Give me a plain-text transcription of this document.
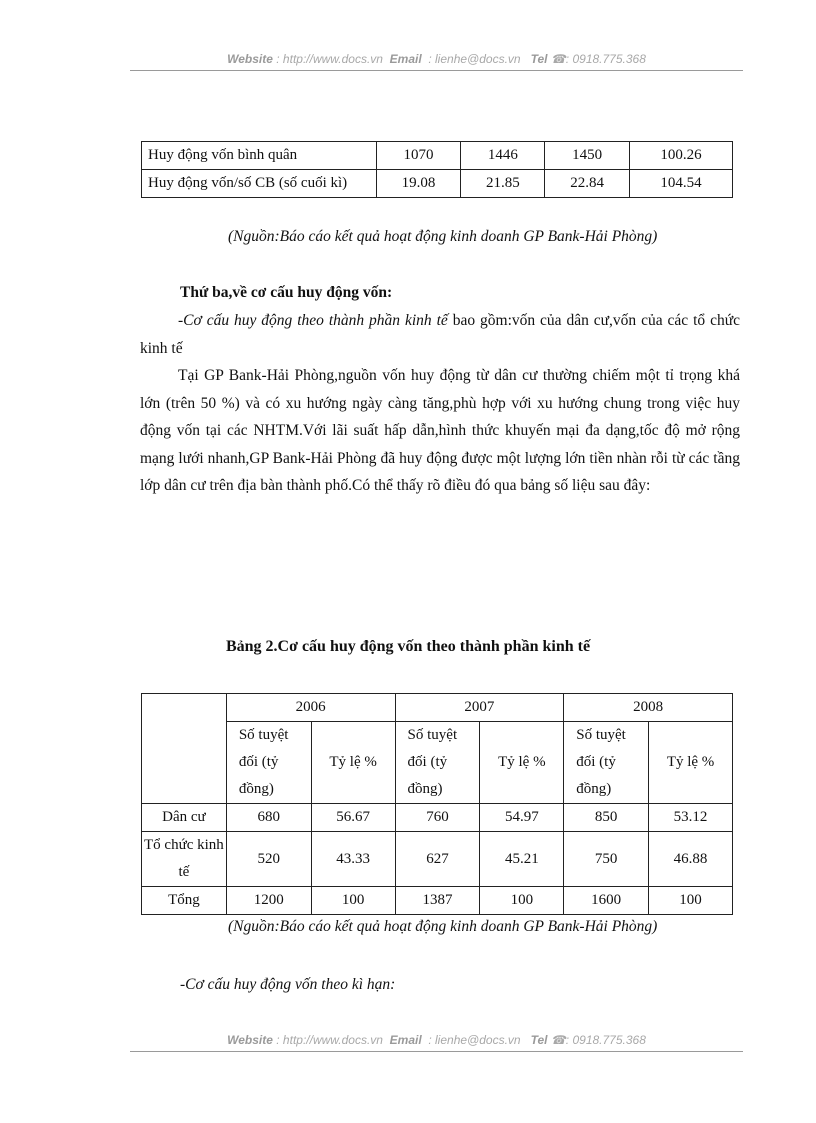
Website : http://www.docs.vn Email : lienhe@docs.vn Tel ☎: 0918.775.368
Huy động vốn bình quân	1070	1446	1450	100.26
Huy động vốn/số CB (số cuối kì)	19.08	21.85	22.84	104.54
(Nguồn:Báo cáo kết quả hoạt động kinh doanh GP Bank-Hải Phòng)
Thứ ba,về cơ cấu huy động vốn:
-Cơ cấu huy động theo thành phần kinh tế bao gồm:vốn của dân cư,vốn của các tổ chức kinh tế
Tại GP Bank-Hải Phòng,nguồn vốn huy động từ dân cư thường chiếm một tỉ trọng khá lớn (trên 50 %) và có xu hướng ngày càng tăng,phù hợp với xu hướng chung trong việc huy động vốn tại các NHTM.Với lãi suất hấp dẫn,hình thức khuyến mại đa dạng,tốc độ mở rộng mạng lưới nhanh,GP Bank-Hải Phòng đã huy động được một lượng lớn tiền nhàn rỗi từ các tầng lớp dân cư trên địa bàn thành phố.Có thể thấy rõ điều đó qua bảng số liệu sau đây:
Bảng 2.Cơ cấu huy động vốn theo thành phần kinh tế
	2006		2007		2008	
	Số tuyệt đối (tỷ đồng)	Tỷ lệ %	Số tuyệt đối (tỷ đồng)	Tỷ lệ %	Số tuyệt đối (tỷ đồng)	Tỷ lệ %
Dân cư	680	56.67	760	54.97	850	53.12
Tổ chức kinh tế	520	43.33	627	45.21	750	46.88
Tổng	1200	100	1387	100	1600	100
(Nguồn:Báo cáo kết quả hoạt động kinh doanh GP Bank-Hải Phòng)
-Cơ cấu huy động vốn theo kì hạn:
Website : http://www.docs.vn Email : lienhe@docs.vn Tel ☎: 0918.775.368
